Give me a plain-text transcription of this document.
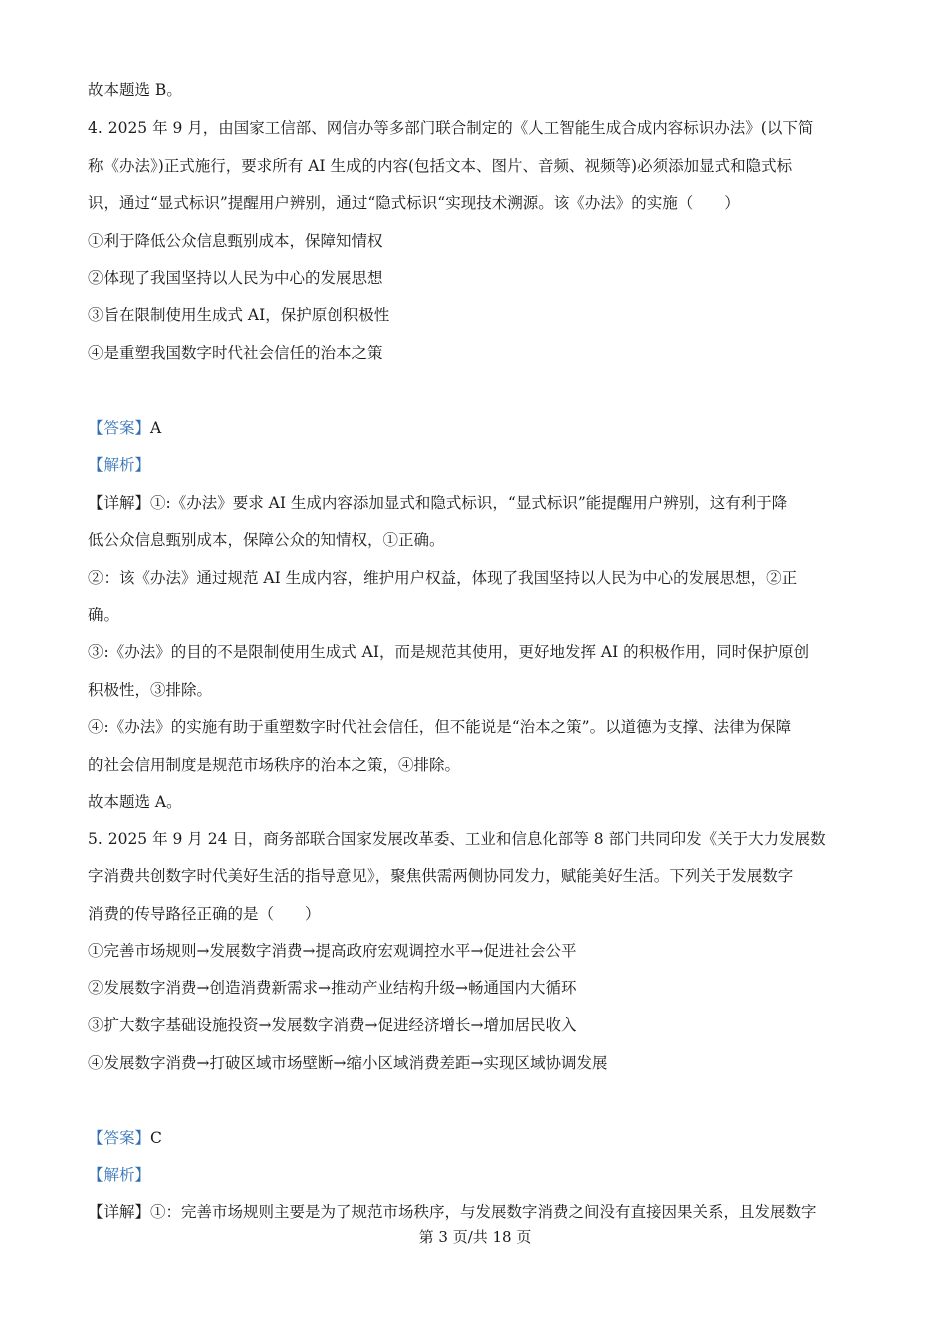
故本题选 B。
4. 2025 年 9 月，由国家工信部、网信办等多部门联合制定的《人工智能生成合成内容标识办法》(以下简
称《办法》)正式施行，要求所有 AI 生成的内容(包括文本、图片、音频、视频等)必须添加显式和隐式标
识，通过“显式标识”提醒用户辨别，通过“隐式标识“实现技术溯源。该《办法》的实施（　　）
①利于降低公众信息甄别成本，保障知情权
②体现了我国坚持以人民为中心的发展思想
③旨在限制使用生成式 AI，保护原创积极性
④是重塑我国数字时代社会信任的治本之策
【答案】A
【解析】
【详解】①:《办法》要求 AI 生成内容添加显式和隐式标识，“显式标识”能提醒用户辨别，这有利于降
低公众信息甄别成本，保障公众的知情权，①正确。
②：该《办法》通过规范 AI 生成内容，维护用户权益，体现了我国坚持以人民为中心的发展思想，②正
确。
③:《办法》的目的不是限制使用生成式 AI，而是规范其使用，更好地发挥 AI 的积极作用，同时保护原创
积极性，③排除。
④:《办法》的实施有助于重塑数字时代社会信任，但不能说是“治本之策”。以道德为支撑、法律为保障
的社会信用制度是规范市场秩序的治本之策，④排除。
故本题选 A。
5. 2025 年 9 月 24 日，商务部联合国家发展改革委、工业和信息化部等 8 部门共同印发《关于大力发展数
字消费共创数字时代美好生活的指导意见》，聚焦供需两侧协同发力，赋能美好生活。下列关于发展数字
消费的传导路径正确的是（　　）
①完善市场规则→发展数字消费→提高政府宏观调控水平→促进社会公平
②发展数字消费→创造消费新需求→推动产业结构升级→畅通国内大循环
③扩大数字基础设施投资→发展数字消费→促进经济增长→增加居民收入
④发展数字消费→打破区域市场壁断→缩小区域消费差距→实现区域协调发展
【答案】C
【解析】
【详解】①：完善市场规则主要是为了规范市场秩序，与发展数字消费之间没有直接因果关系，且发展数字
第 3 页/共 18 页
